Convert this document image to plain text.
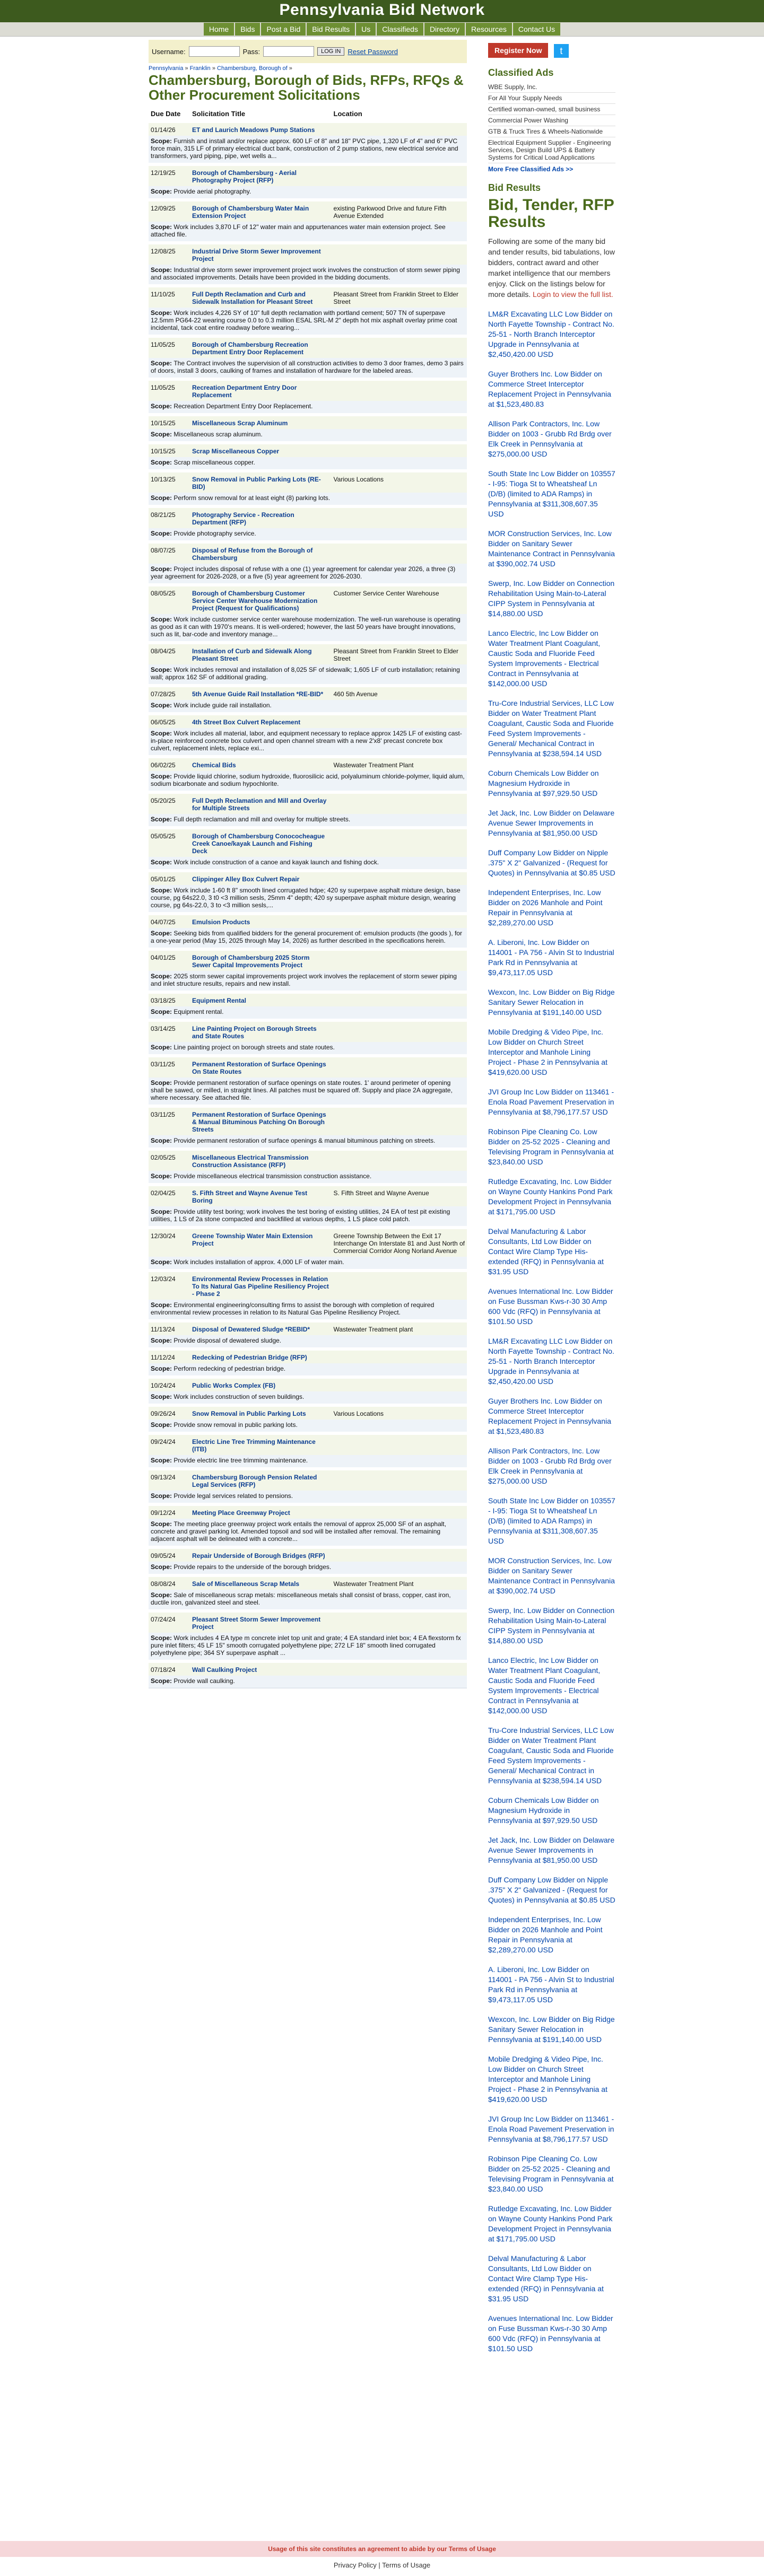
Pennsylvania Bid Network
Home	Bids	Post a Bid	Bid Results	Us	Classifieds	Directory	Resources	Contact Us
Username:	Pass:	LOG IN	Reset Password
Pennsylvania » Franklin » Chambersburg, Borough of »
Chambersburg, Borough of Bids, RFPs, RFQs & Other Procurement Solicitations
Due Date	Solicitation Title	Location
01/14/26	ET and Laurich Meadows Pump Stations	
Scope: Furnish and install and/or replace approx. 600 LF of 8" and 18" PVC pipe, 1,320 LF of 4" and 6" PVC force main, 315 LF of primary electrical duct bank, construction of 2 pump stations, new electrical service and transformers, yard piping, pipe, wet wells a...		
12/19/25	Borough of Chambersburg - Aerial Photography Project (RFP)	
Scope: Provide aerial photography.		
12/09/25	Borough of Chambersburg Water Main Extension Project	existing Parkwood Drive and future Fifth Avenue Extended
Scope: Work includes 3,870 LF of 12" water main and appurtenances water main extension project. See attached file.		
12/08/25	Industrial Drive Storm Sewer Improvement Project	
Scope: Industrial drive storm sewer improvement project work involves the construction of storm sewer piping and associated improvements. Details have been provided in the bidding documents.		
11/10/25	Full Depth Reclamation and Curb and Sidewalk Installation for Pleasant Street	Pleasant Street from Franklin Street to Elder Street
Scope: Work includes 4,226 SY of 10" full depth reclamation with portland cement; 507 TN of superpave 12.5mm PG64-22 wearing course 0.0 to 0.3 million ESAL SRL-M 2" depth hot mix asphalt overlay prime coat incidental, tack coat entire roadway before wearing...		
11/05/25	Borough of Chambersburg Recreation Department Entry Door Replacement	
Scope: The Contract involves the supervision of all construction activities to demo 3 door frames, demo 3 pairs of doors, install 3 doors, caulking of frames and installation of hardware for the labeled areas.		
11/05/25	Recreation Department Entry Door Replacement	
Scope: Recreation Department Entry Door Replacement.		
10/15/25	Miscellaneous Scrap Aluminum	
Scope: Miscellaneous scrap aluminum.		
10/15/25	Scrap Miscellaneous Copper	
Scope: Scrap miscellaneous copper.		
10/13/25	Snow Removal in Public Parking Lots (RE-BID)	Various Locations
Scope: Perform snow removal for at least eight (8) parking lots.		
08/21/25	Photography Service - Recreation Department (RFP)	
Scope: Provide photography service.		
08/07/25	Disposal of Refuse from the Borough of Chambersburg	
Scope: Project includes disposal of refuse with a one (1) year agreement for calendar year 2026, a three (3) year agreement for 2026-2028, or a five (5) year agreement for 2026-2030.		
08/05/25	Borough of Chambersburg Customer Service Center Warehouse Modernization Project (Request for Qualifications)	Customer Service Center Warehouse
Scope: Work include customer service center warehouse modernization. The well-run warehouse is operating as good as it can with 1970's means. It is well-ordered; however, the last 50 years have brought innovations, such as lit, bar-code and inventory manage...		
08/04/25	Installation of Curb and Sidewalk Along Pleasant Street	Pleasant Street from Franklin Street to Elder Street
Scope: Work includes removal and installation of 8,025 SF of sidewalk; 1,605 LF of curb installation; retaining wall; approx 162 SF of additional grading.		
07/28/25	5th Avenue Guide Rail Installation *RE-BID*	460 5th Avenue
Scope: Work include guide rail installation.		
06/05/25	4th Street Box Culvert Replacement	
Scope: Work includes all material, labor, and equipment necessary to replace approx 1425 LF of existing cast-in-place reinforced concrete box culvert and open channel stream with a new 2'x8' precast concrete box culvert, replacement inlets, replace exi...		
06/02/25	Chemical Bids	Wastewater Treatment Plant
Scope: Provide liquid chlorine, sodium hydroxide, fluorosilicic acid, polyaluminum chloride-polymer, liquid alum, sodium bicarbonate and sodium hypochlorite.		
05/20/25	Full Depth Reclamation and Mill and Overlay for Multiple Streets	
Scope: Full depth reclamation and mill and overlay for multiple streets.		
05/05/25	Borough of Chambersburg Conococheague Creek Canoe/kayak Launch and Fishing Deck	
Scope: Work include construction of a canoe and kayak launch and fishing dock.		
05/01/25	Clippinger Alley Box Culvert Repair	
Scope: Work include 1-60 ft 8" smooth lined corrugated hdpe; 420 sy superpave asphalt mixture design, base course, pg 64s22.0, 3 t0 <3 million sesls, 25mm 4" depth; 420 sy superpave asphalt mixture design, wearing course, pg 64s-22.0, 3 to <3 million sesls,...		
04/07/25	Emulsion Products	
Scope: Seeking bids from qualified bidders for the general procurement of: emulsion products (the goods ), for a one-year period (May 15, 2025 through May 14, 2026) as further described in the specifications herein.		
04/01/25	Borough of Chambersburg 2025 Storm Sewer Capital Improvements Project	
Scope: 2025 storm sewer capital improvements project work involves the replacement of storm sewer piping and inlet structure results, repairs and new install.		
03/18/25	Equipment Rental	
Scope: Equipment rental.		
03/14/25	Line Painting Project on Borough Streets and State Routes	
Scope: Line painting project on borough streets and state routes.		
03/11/25	Permanent Restoration of Surface Openings On State Routes	
Scope: Provide permanent restoration of surface openings on state routes. 1' around perimeter of opening shall be sawed, or milled, in straight lines. All patches must be squared off. Supply and place 2A aggregate, where necessary. See attached file.		
03/11/25	Permanent Restoration of Surface Openings & Manual Bituminous Patching On Borough Streets	
Scope: Provide permanent restoration of surface openings & manual bituminous patching on streets.		
02/05/25	Miscellaneous Electrical Transmission Construction Assistance (RFP)	
Scope: Provide miscellaneous electrical transmission construction assistance.		
02/04/25	S. Fifth Street and Wayne Avenue Test Boring	S. Fifth Street and Wayne Avenue
Scope: Provide utility test boring; work involves the test boring of existing utilities, 24 EA of test pit existing utilities, 1 LS of 2a stone compacted and backfilled at various depths, 1 LS place cold patch.		
12/30/24	Greene Township Water Main Extension Project	Greene Township Between the Exit 17 Interchange On Interstate 81 and Just North of Commercial Corridor Along Norland Avenue
Scope: Work includes installation of approx. 4,000 LF of water main.		
12/03/24	Environmental Review Processes in Relation To Its Natural Gas Pipeline Resiliency Project - Phase 2	
Scope: Environmental engineering/consulting firms to assist the borough with completion of required environmental review processes in relation to its Natural Gas Pipeline Resiliency Project.		
11/13/24	Disposal of Dewatered Sludge *REBID*	Wastewater Treatment plant
Scope: Provide disposal of dewatered sludge.		
11/12/24	Redecking of Pedestrian Bridge (RFP)	
Scope: Perform redecking of pedestrian bridge.		
10/24/24	Public Works Complex (FB)	
Scope: Work includes construction of seven buildings.		
09/26/24	Snow Removal in Public Parking Lots	Various Locations
Scope: Provide snow removal in public parking lots.		
09/24/24	Electric Line Tree Trimming Maintenance (ITB)	
Scope: Provide electric line tree trimming maintenance.		
09/13/24	Chambersburg Borough Pension Related Legal Services (RFP)	
Scope: Provide legal services related to pensions.		
09/12/24	Meeting Place Greenway Project	
Scope: The meeting place greenway project work entails the removal of approx 25,000 SF of an asphalt, concrete and gravel parking lot. Amended topsoil and sod will be installed after removal. The remaining adjacent asphalt will be delineated with a concrete...		
09/05/24	Repair Underside of Borough Bridges (RFP)	
Scope: Provide repairs to the underside of the borough bridges.		
08/08/24	Sale of Miscellaneous Scrap Metals	Wastewater Treatment Plant
Scope: Sale of miscellaneous scrap metals: miscellaneous metals shall consist of brass, copper, cast iron, ductile iron, galvanized steel and steel.		
07/24/24	Pleasant Street Storm Sewer Improvement Project	
Scope: Work includes 4 EA type m concrete inlet top unit and grate; 4 EA standard inlet box; 4 EA flexstorm fx pure inlet filters; 45 LF 15" smooth corrugated polyethylene pipe; 272 LF 18" smooth lined corrugated polyethylene pipe; 364 SY superpave asphalt ...		
07/18/24	Wall Caulking Project	
Scope: Provide wall caulking.		
Register Now t
Classified Ads
WBE Supply, Inc.
For All Your Supply Needs
Certified woman-owned, small business
Commercial Power Washing
GTB & Truck Tires & Wheels-Nationwide
Electrical Equipment Supplier - Engineering Services, Design Build UPS & Battery Systems for Critical Load Applications
More Free Classified Ads >>
Bid Results
Bid, Tender, RFP Results
Following are some of the many bid and tender results, bid tabulations, low bidders, contract award and other market intelligence that our members enjoy. Click on the listings below for more details. Login to view the full list.
LM&R Excavating LLC Low Bidder on North Fayette Township - Contract No. 25-51 - North Branch Interceptor Upgrade in Pennsylvania at $2,450,420.00 USD
Guyer Brothers Inc. Low Bidder on Commerce Street Interceptor Replacement Project in Pennsylvania at $1,523,480.83
Allison Park Contractors, Inc. Low Bidder on 1003 - Grubb Rd Brdg over Elk Creek in Pennsylvania at $275,000.00 USD
South State Inc Low Bidder on 103557 - I-95: Tioga St to Wheatsheaf Ln (D/B) (limited to ADA Ramps) in Pennsylvania at $311,308,607.35 USD
MOR Construction Services, Inc. Low Bidder on Sanitary Sewer Maintenance Contract in Pennsylvania at $390,002.74 USD
Swerp, Inc. Low Bidder on Connection Rehabilitation Using Main-to-Lateral CIPP System in Pennsylvania at $14,880.00 USD
Lanco Electric, Inc Low Bidder on Water Treatment Plant Coagulant, Caustic Soda and Fluoride Feed System Improvements - Electrical Contract in Pennsylvania at $142,000.00 USD
Tru-Core Industrial Services, LLC Low Bidder on Water Treatment Plant Coagulant, Caustic Soda and Fluoride Feed System Improvements - General/ Mechanical Contract in Pennsylvania at $238,594.14 USD
Coburn Chemicals Low Bidder on Magnesium Hydroxide in Pennsylvania at $97,929.50 USD
Jet Jack, Inc. Low Bidder on Delaware Avenue Sewer Improvements in Pennsylvania at $81,950.00 USD
Duff Company Low Bidder on Nipple .375" X 2" Galvanized - (Request for Quotes) in Pennsylvania at $0.85 USD
Independent Enterprises, Inc. Low Bidder on 2026 Manhole and Point Repair in Pennsylvania at $2,289,270.00 USD
A. Liberoni, Inc. Low Bidder on 114001 - PA 756 - Alvin St to Industrial Park Rd in Pennsylvania at $9,473,117.05 USD
Wexcon, Inc. Low Bidder on Big Ridge Sanitary Sewer Relocation in Pennsylvania at $191,140.00 USD
Mobile Dredging & Video Pipe, Inc. Low Bidder on Church Street Interceptor and Manhole Lining Project - Phase 2 in Pennsylvania at $419,620.00 USD
JVI Group Inc Low Bidder on 113461 - Enola Road Pavement Preservation in Pennsylvania at $8,796,177.57 USD
Robinson Pipe Cleaning Co. Low Bidder on 25-52 2025 - Cleaning and Televising Program in Pennsylvania at $23,840.00 USD
Rutledge Excavating, Inc. Low Bidder on Wayne County Hankins Pond Park Development Project in Pennsylvania at $171,795.00 USD
Delval Manufacturing & Labor Consultants, Ltd Low Bidder on Contact Wire Clamp Type His-extended (RFQ) in Pennsylvania at $31.95 USD
Avenues International Inc. Low Bidder on Fuse Bussman Kws-r-30 30 Amp 600 Vdc (RFQ) in Pennsylvania at $101.50 USD
LM&R Excavating LLC Low Bidder on North Fayette Township - Contract No. 25-51 - North Branch Interceptor Upgrade in Pennsylvania at $2,450,420.00 USD
Guyer Brothers Inc. Low Bidder on Commerce Street Interceptor Replacement Project in Pennsylvania at $1,523,480.83
Allison Park Contractors, Inc. Low Bidder on 1003 - Grubb Rd Brdg over Elk Creek in Pennsylvania at $275,000.00 USD
South State Inc Low Bidder on 103557 - I-95: Tioga St to Wheatsheaf Ln (D/B) (limited to ADA Ramps) in Pennsylvania at $311,308,607.35 USD
MOR Construction Services, Inc. Low Bidder on Sanitary Sewer Maintenance Contract in Pennsylvania at $390,002.74 USD
Swerp, Inc. Low Bidder on Connection Rehabilitation Using Main-to-Lateral CIPP System in Pennsylvania at $14,880.00 USD
Lanco Electric, Inc Low Bidder on Water Treatment Plant Coagulant, Caustic Soda and Fluoride Feed System Improvements - Electrical Contract in Pennsylvania at $142,000.00 USD
Tru-Core Industrial Services, LLC Low Bidder on Water Treatment Plant Coagulant, Caustic Soda and Fluoride Feed System Improvements - General/ Mechanical Contract in Pennsylvania at $238,594.14 USD
Coburn Chemicals Low Bidder on Magnesium Hydroxide in Pennsylvania at $97,929.50 USD
Jet Jack, Inc. Low Bidder on Delaware Avenue Sewer Improvements in Pennsylvania at $81,950.00 USD
Duff Company Low Bidder on Nipple .375" X 2" Galvanized - (Request for Quotes) in Pennsylvania at $0.85 USD
Independent Enterprises, Inc. Low Bidder on 2026 Manhole and Point Repair in Pennsylvania at $2,289,270.00 USD
A. Liberoni, Inc. Low Bidder on 114001 - PA 756 - Alvin St to Industrial Park Rd in Pennsylvania at $9,473,117.05 USD
Wexcon, Inc. Low Bidder on Big Ridge Sanitary Sewer Relocation in Pennsylvania at $191,140.00 USD
Mobile Dredging & Video Pipe, Inc. Low Bidder on Church Street Interceptor and Manhole Lining Project - Phase 2 in Pennsylvania at $419,620.00 USD
JVI Group Inc Low Bidder on 113461 - Enola Road Pavement Preservation in Pennsylvania at $8,796,177.57 USD
Robinson Pipe Cleaning Co. Low Bidder on 25-52 2025 - Cleaning and Televising Program in Pennsylvania at $23,840.00 USD
Rutledge Excavating, Inc. Low Bidder on Wayne County Hankins Pond Park Development Project in Pennsylvania at $171,795.00 USD
Delval Manufacturing & Labor Consultants, Ltd Low Bidder on Contact Wire Clamp Type His-extended (RFQ) in Pennsylvania at $31.95 USD
Avenues International Inc. Low Bidder on Fuse Bussman Kws-r-30 30 Amp 600 Vdc (RFQ) in Pennsylvania at $101.50 USD
Usage of this site constitutes an agreement to abide by our Terms of Usage
Privacy Policy | Terms of Usage
